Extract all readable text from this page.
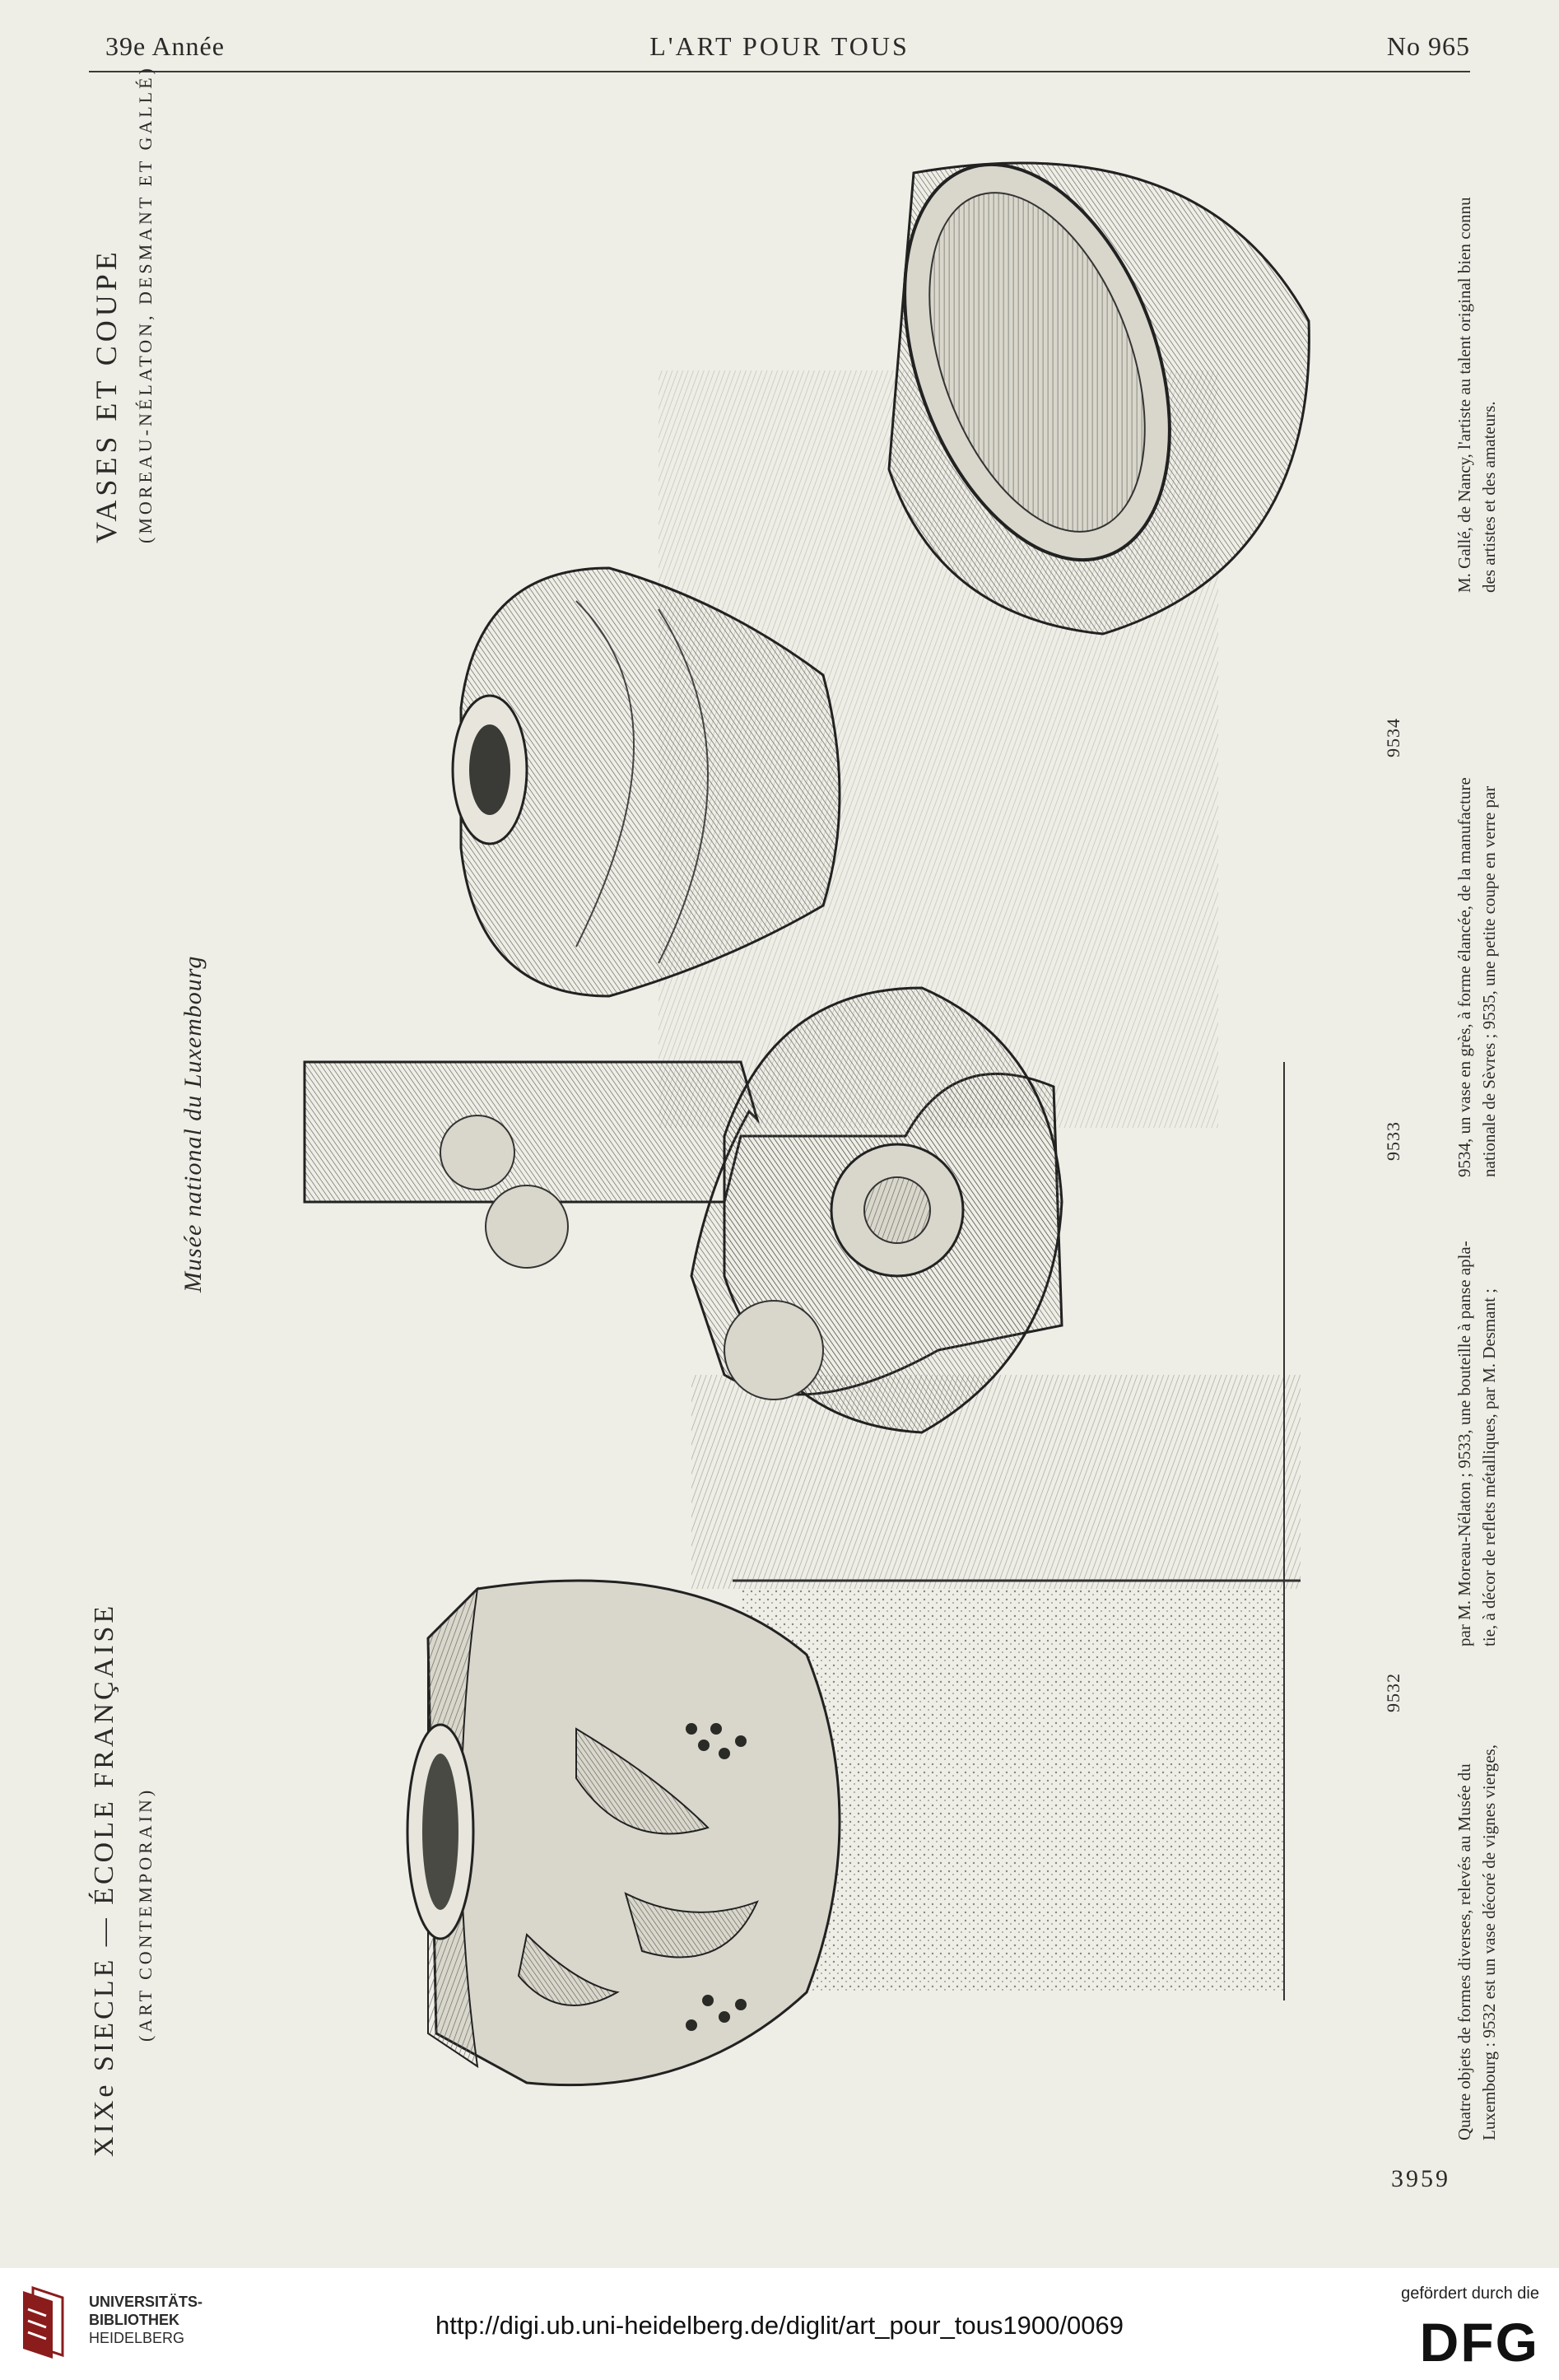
39e Année	L'ART POUR TOUS	No 965
VASES ET COUPE (MOREAU-NÉLATON, DESMANT ET GALLÉ)
XIXe SIECLE — ÉCOLE FRANÇAISE (ART CONTEMPORAIN)
Musée national du Luxembourg
9532
9533
9534
Quatre objets de formes diverses, relevés au Musée du Luxembourg : 9532 est un vase décoré de vignes vierges,
par M. Moreau-Nélaton ; 9533, une bouteille à panse apla- tie, à décor de reflets métalliques, par M. Desmant ;
9534, un vase en grès, à forme élancée, de la manufacture nationale de Sèvres ; 9535, une petite coupe en verre par
M. Gallé, de Nancy, l'artiste au talent original bien connu des artistes et des amateurs.
3959
UNIVERSITÄTS-
BIBLIOTHEK
HEIDELBERG	http://digi.ub.uni-heidelberg.de/diglit/art_pour_tous1900/0069
gefördert durch die
DFG
